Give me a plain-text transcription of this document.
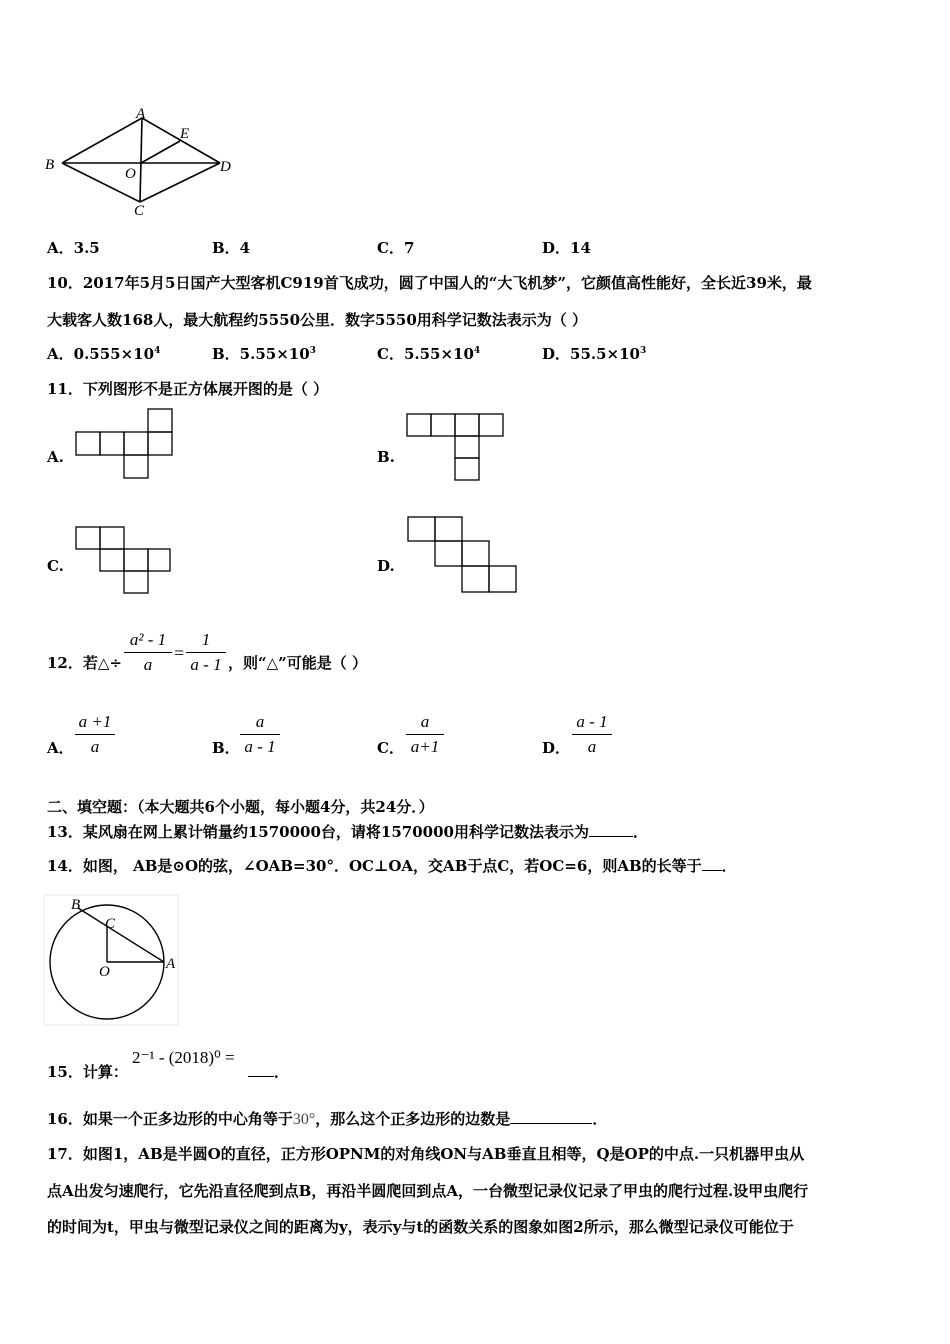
A
E
B
O	D
C
A．3.5	B．4	C．7	D．14
10．2017年5月5日国产大型客机C919首飞成功，圆了中国人的“大飞机梦”，它颜值高性能好，全长近39米，最
大载客人数168人，最大航程约5550公里．数字5550用科学记数法表示为（ ）
A．$0.555\times 10^4$	B．$5.55\times 10^3$	C．$5.55\times 10^4$	D．$55.5\times 10^3$
11．下列图形不是正方体展开图的是（ ）
A.	B.
C.	D.
12．若△÷ $\frac{\text{a² - 1}}{a} = \frac{1}{a - 1}$ ，则“△”可能是（ ）
A． $\frac{a +1}{a}$	B． $\frac{a}{a - 1}$	C． $\frac{a}{a+1}$	D． $\frac{a - 1}{a}$
二、填空题：（本大题共6个小题，每小题4分，共24分．）
13．某风扇在网上累计销量约1570000台，请将1570000用科学记数法表示为	．
14．如图， AB是⊙O的弦，∠OAB=30°．OC⊥OA，交AB于点C，若OC=6，则AB的长等于 ．
B
C
O	A
15．计算：
2⁻¹ - (2018)⁰ =
．
16．如果一个正多边形的中心角等于30°，那么这个正多边形的边数是	．
17．如图1，AB是半圆O的直径，正方形OPNM的对角线ON与AB垂直且相等，Q是OP的中点.一只机器甲虫从
点A出发匀速爬行，它先沿直径爬到点B，再沿半圆爬回到点A，一台微型记录仪记录了甲虫的爬行过程.设甲虫爬行
的时间为t，甲虫与微型记录仪之间的距离为y，表示y与t的函数关系的图象如图2所示，那么微型记录仪可能位于
